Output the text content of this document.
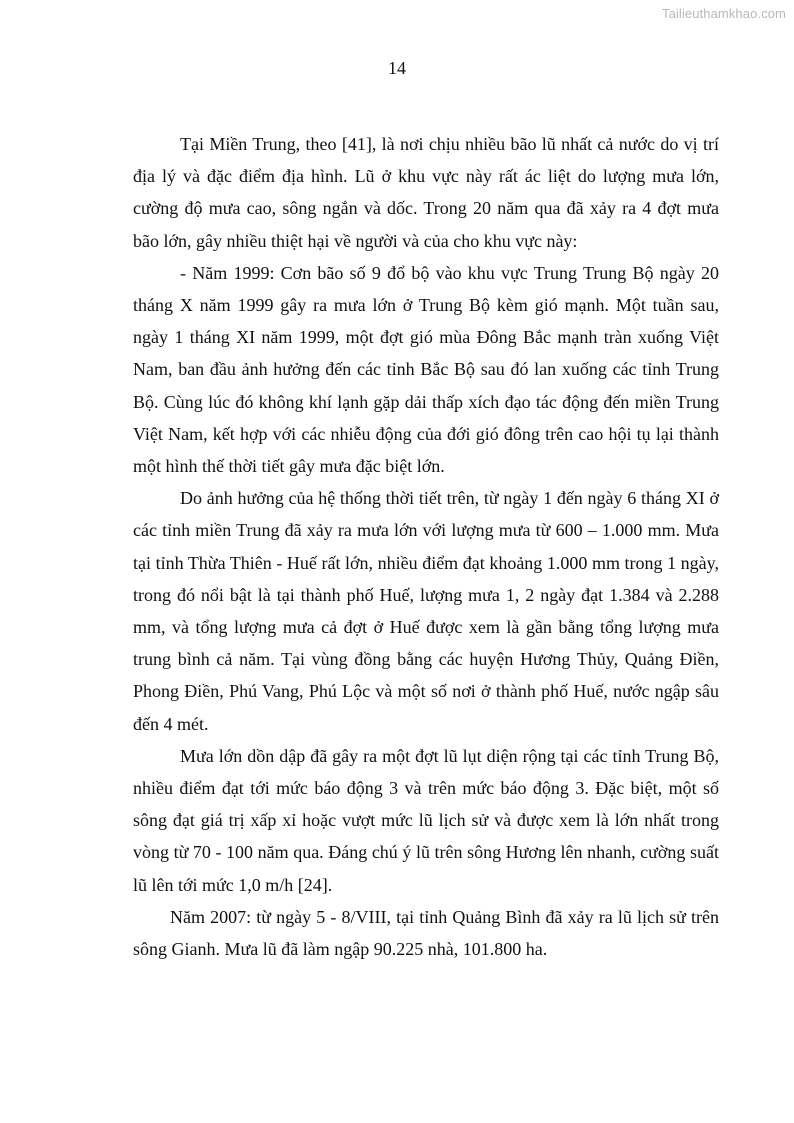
Tailieuthamkhao.com
14

Tại Miền Trung, theo [41], là nơi chịu nhiều bão lũ nhất cả nước do vị trí địa lý và đặc điểm địa hình. Lũ ở khu vực này rất ác liệt do lượng mưa lớn, cường độ mưa cao, sông ngắn và dốc. Trong 20 năm qua đã xảy ra 4 đợt mưa bão lớn, gây nhiều thiệt hại về người và của cho khu vực này:

- Năm 1999: Cơn bão số 9 đổ bộ vào khu vực Trung Trung Bộ ngày 20 tháng X năm 1999 gây ra mưa lớn ở Trung Bộ kèm gió mạnh. Một tuần sau, ngày 1 tháng XI năm 1999, một đợt gió mùa Đông Bắc mạnh tràn xuống Việt Nam, ban đầu ảnh hưởng đến các tỉnh Bắc Bộ sau đó lan xuống các tỉnh Trung Bộ. Cùng lúc đó không khí lạnh gặp dải thấp xích đạo tác động đến miền Trung Việt Nam, kết hợp với các nhiễu động của đới gió đông trên cao hội tụ lại thành một hình thế thời tiết gây mưa đặc biệt lớn.

Do ảnh hưởng của hệ thống thời tiết trên, từ ngày 1 đến ngày 6 tháng XI ở các tỉnh miền Trung đã xảy ra mưa lớn với lượng mưa từ 600 – 1.000 mm. Mưa tại tỉnh Thừa Thiên - Huế rất lớn, nhiều điểm đạt khoảng 1.000 mm trong 1 ngày, trong đó nổi bật là tại thành phố Huế, lượng mưa 1, 2 ngày đạt 1.384 và 2.288 mm, và tổng lượng mưa cả đợt ở Huế được xem là gần bằng tổng lượng mưa trung bình cả năm. Tại vùng đồng bằng các huyện Hương Thủy, Quảng Điền, Phong Điền, Phú Vang, Phú Lộc và một số nơi ở thành phố Huế, nước ngập sâu đến 4 mét.

Mưa lớn dồn dập đã gây ra một đợt lũ lụt diện rộng tại các tỉnh Trung Bộ, nhiều điểm đạt tới mức báo động 3 và trên mức báo động 3. Đặc biệt, một số sông đạt giá trị xấp xỉ hoặc vượt mức lũ lịch sử và được xem là lớn nhất trong vòng từ 70 - 100 năm qua. Đáng chú ý lũ trên sông Hương lên nhanh, cường suất lũ lên tới mức 1,0 m/h [24].

Năm 2007: từ ngày 5 - 8/VIII, tại tỉnh Quảng Bình đã xảy ra lũ lịch sử trên sông Gianh. Mưa lũ đã làm ngập 90.225 nhà, 101.800 ha.
